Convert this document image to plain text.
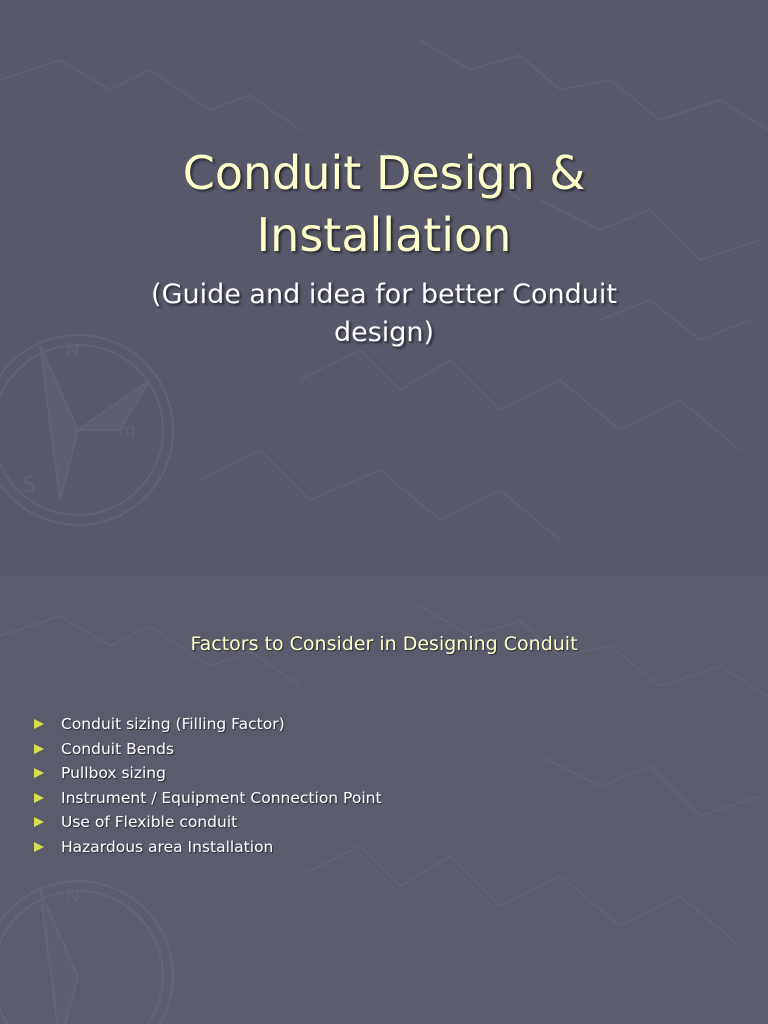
S
N
m
Conduit Design &
Installation

(Guide and idea for better Conduit
design)

N
Factors to Consider in Designing Conduit
Conduit sizing (Filling Factor)
Conduit Bends
Pullbox sizing
Instrument / Equipment Connection Point
Use of Flexible conduit
Hazardous area Installation
